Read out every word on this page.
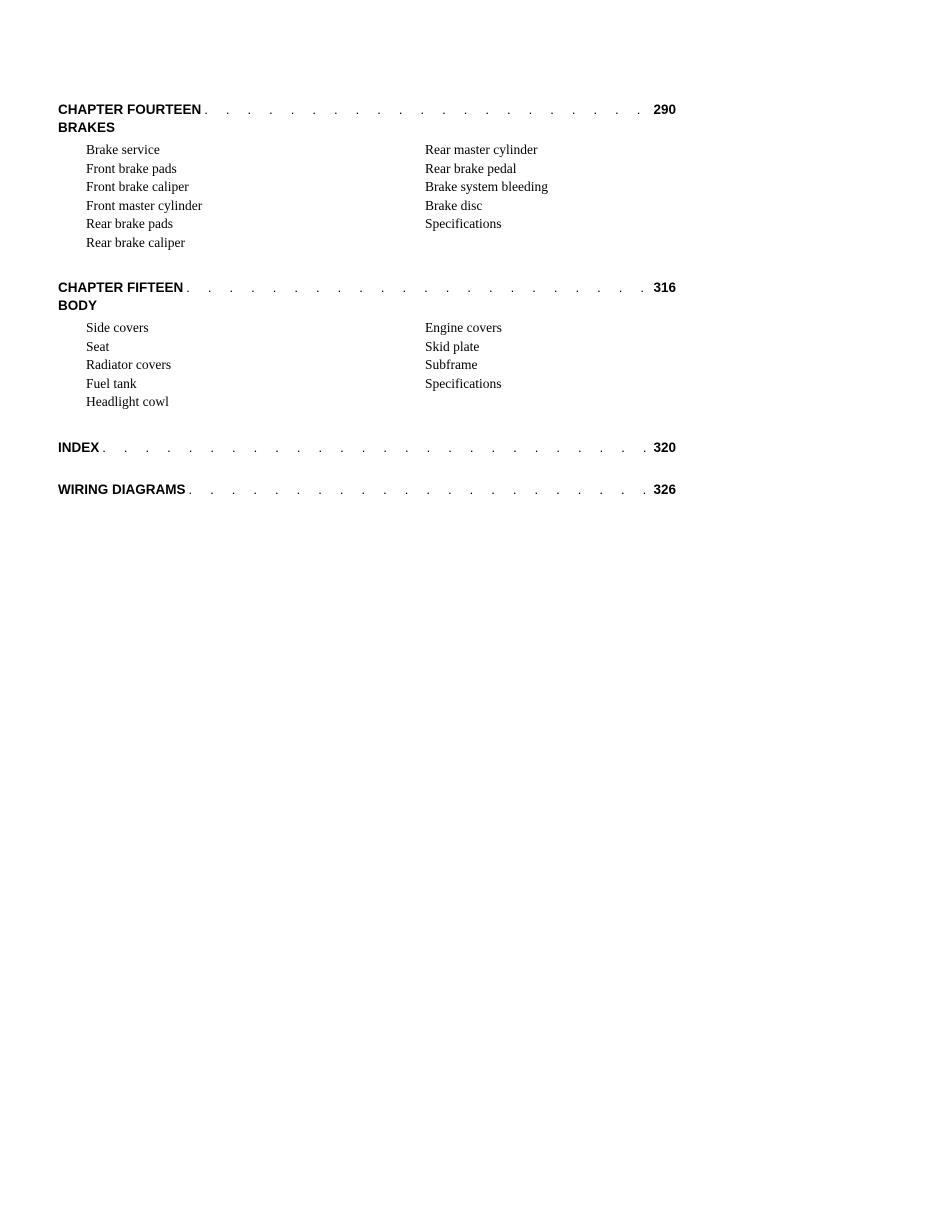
CHAPTER FOURTEEN . . .	290
BRAKES
Brake service
Front brake pads
Front brake caliper
Front master cylinder
Rear brake pads
Rear brake caliper
Rear master cylinder
Rear brake pedal
Brake system bleeding
Brake disc
Specifications
CHAPTER FIFTEEN . . .	316
BODY
Side covers
Seat
Radiator covers
Fuel tank
Headlight cowl
Engine covers
Skid plate
Subframe
Specifications
INDEX . . .	320
WIRING DIAGRAMS . . .	326
